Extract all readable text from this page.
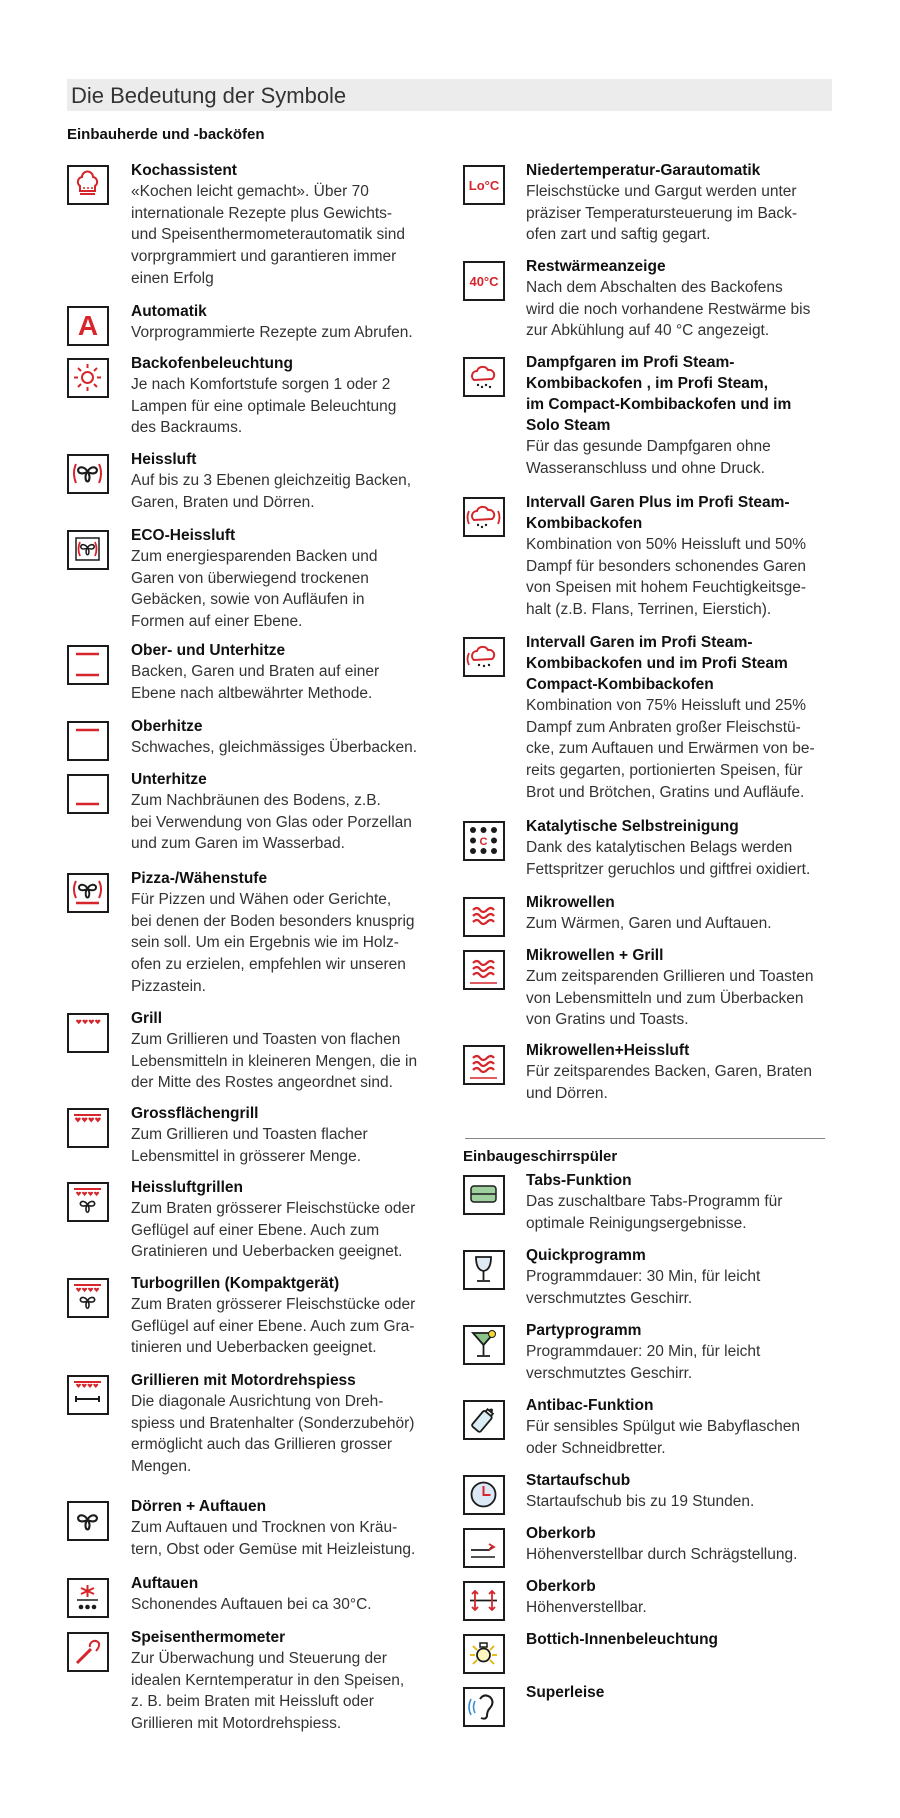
Die Bedeutung der Symbole
Einbauherde und -backöfen
Einbaugeschirrspüler
Kochassistent
«Kochen leicht gemacht». Über 70
internationale Rezepte plus Gewichts-
und Speisenthermometerautomatik sind
vorprgrammiert und garantieren immer
einen Erfolg
A	Automatik
Vorprogrammierte Rezepte zum Abrufen.
Backofenbeleuchtung
Je nach Komfortstufe sorgen 1 oder 2
Lampen für eine optimale Beleuchtung
des Backraums.
Heissluft
Auf bis zu 3 Ebenen gleichzeitig Backen,
Garen, Braten und Dörren.
ECO-Heissluft
Zum energiesparenden Backen und
Garen von überwiegend trockenen
Gebäcken, sowie von Aufläufen in
Formen auf einer Ebene.
Ober- und Unterhitze
Backen, Garen und Braten auf einer
Ebene nach altbewährter Methode.
Oberhitze
Schwaches, gleichmässiges Überbacken.
Unterhitze
Zum Nachbräunen des Bodens, z.B.
bei Verwendung von Glas oder Porzellan
und zum Garen im Wasserbad.
Pizza-/Wähenstufe
Für Pizzen und Wähen oder Gerichte,
bei denen der Boden besonders knusprig
sein soll. Um ein Ergebnis wie im Holz-
ofen zu erzielen, empfehlen wir unseren
Pizzastein.
Grill
Zum Grillieren und Toasten von flachen
Lebensmitteln in kleineren Mengen, die in
der Mitte des Rostes angeordnet sind.
Grossflächengrill
Zum Grillieren und Toasten flacher
Lebensmittel in grösserer Menge.
Heissluftgrillen
Zum Braten grösserer Fleischstücke oder
Geflügel auf einer Ebene. Auch zum
Gratinieren und Ueberbacken geeignet.
Turbogrillen (Kompaktgerät)
Zum Braten grösserer Fleischstücke oder
Geflügel auf einer Ebene. Auch zum Gra-
tinieren und Ueberbacken geeignet.
Grillieren mit Motordrehspiess
Die diagonale Ausrichtung von Dreh-
spiess und Bratenhalter (Sonderzubehör)
ermöglicht auch das Grillieren grosser
Mengen.
Dörren + Auftauen
Zum Auftauen und Trocknen von Kräu-
tern, Obst oder Gemüse mit Heizleistung.
Auftauen
Schonendes Auftauen bei ca 30°C.
Speisenthermometer
Zur Überwachung und Steuerung der
idealen Kerntemperatur in den Speisen,
z. B. beim Braten mit Heissluft oder
Grillieren mit Motordrehspiess.
Lo°C
Niedertemperatur-Garautomatik
Fleischstücke und Gargut werden unter
präziser Temperatursteuerung im Back-
ofen zart und saftig gegart.
40°C
Restwärmeanzeige
Nach dem Abschalten des Backofens
wird die noch vorhandene Restwärme bis
zur Abkühlung auf 40 °C angezeigt.
Dampfgaren im Profi Steam-
Kombibackofen , im Profi Steam,
im Compact-Kombibackofen und im
Solo Steam
Für das gesunde Dampfgaren ohne
Wasseranschluss und ohne Druck.
Intervall Garen Plus im Profi Steam-
Kombibackofen
Kombination von 50% Heissluft und 50%
Dampf für besonders schonendes Garen
von Speisen mit hohem Feuchtigkeitsge-
halt (z.B. Flans, Terrinen, Eierstich).
Intervall Garen im Profi Steam-
Kombibackofen und im Profi Steam
Compact-Kombibackofen
Kombination von 75% Heissluft und 25%
Dampf zum Anbraten großer Fleischstü-
cke, zum Auftauen und Erwärmen von be-
reits gegarten, portionierten Speisen, für
Brot und Brötchen, Gratins und Aufläufe.
C
Katalytische Selbstreinigung
Dank des katalytischen Belags werden
Fettspritzer geruchlos und giftfrei oxidiert.
Mikrowellen
Zum Wärmen, Garen und Auftauen.
Mikrowellen + Grill
Zum zeitsparenden Grillieren und Toasten
von Lebensmitteln und zum Überbacken
von Gratins und Toasts.
Mikrowellen+Heissluft
Für zeitsparendes Backen, Garen, Braten
und Dörren.
Tabs-Funktion
Das zuschaltbare Tabs-Programm für
optimale Reinigungsergebnisse.
Quickprogramm
Programmdauer: 30 Min, für leicht
verschmutztes Geschirr.
Partyprogramm
Programmdauer: 20 Min, für leicht
verschmutztes Geschirr.
Antibac-Funktion
Für sensibles Spülgut wie Babyflaschen
oder Schneidbretter.
Startaufschub
Startaufschub bis zu 19 Stunden.
Oberkorb
Höhenverstellbar durch Schrägstellung.
Oberkorb
Höhenverstellbar.
Bottich-Innenbeleuchtung
Superleise
